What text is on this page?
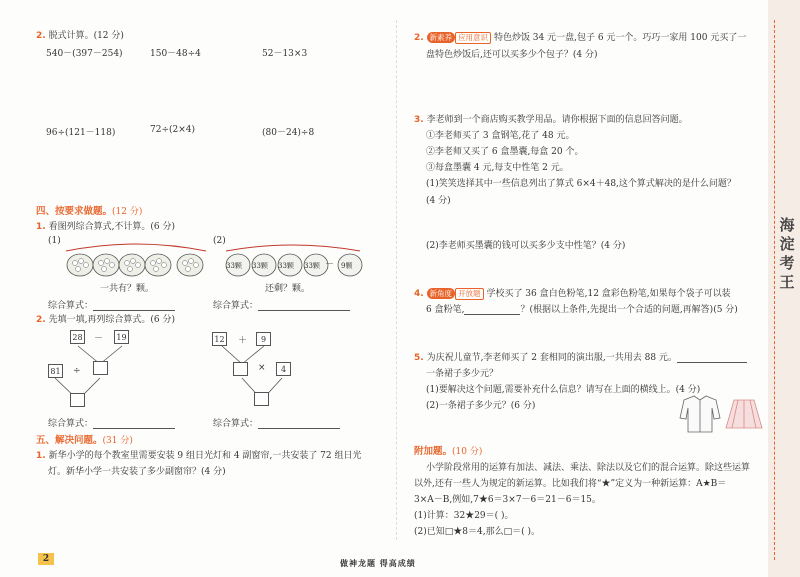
2. 脱式计算。(12 分)
540－(397－254)	150－48÷4	52－13×3
96÷(121－118)	72÷(2×4)	(80－24)÷8
四、按要求做题。(12 分)
1. 看图列综合算式,不计算。(6 分)
(1)	(2)
一共有？颗。
33颗 33颗 33颗 33颗 － 9颗
还剩？颗。
综合算式：	综合算式：
2. 先填一填,再列综合算式。(6 分)
28 －	19
81 ÷
12 ＋	9
×	4
综合算式：	综合算式：
五、解决问题。(31 分)
1. 新华小学的每个教室里需要安装 9 组日光灯和 4 副窗帘,一共安装了 72 组日光
灯。新华小学一共安装了多少副窗帘？(4 分)
2	做神龙题 得高成绩
2. 新素养 应用意识 特色炒饭 34 元一盘,包子 6 元一个。巧巧一家用 100 元买了一
盘特色炒饭后,还可以买多少个包子？(4 分)
3. 李老师到一个商店购买教学用品。请你根据下面的信息回答问题。
①李老师买了 3 盒钢笔,花了 48 元。
②李老师又买了 6 盒墨囊,每盒 20 个。
③每盒墨囊 4 元,每支中性笔 2 元。
(1)笑笑选择其中一些信息列出了算式 6×4＋48,这个算式解决的是什么问题？
(4 分)
(2)李老师买墨囊的钱可以买多少支中性笔？(4 分)
4. 新角度 开放题 学校买了 36 盒白色粉笔,12 盒彩色粉笔,如果每个袋子可以装
6 盒粉笔,	？(根据以上条件,先提出一个合适的问题,再解答)(5 分)
5. 为庆祝儿童节,李老师买了 2 套相同的演出服,一共用去 88 元。
一条裙子多少元？
(1)要解决这个问题,需要补充什么信息？请写在上面的横线上。(4 分)
(2)一条裙子多少元？(6 分)
附加题。(10 分)
小学阶段常用的运算有加法、减法、乘法、除法以及它们的混合运算。除这些运算
以外,还有一些人为规定的新运算。比如我们将“★”定义为一种新运算：A★B＝
3×A－B,例如,7★6＝3×7－6＝21－6＝15。
(1)计算：32★29＝( )。
(2)已知□★8＝4,那么□＝( )。
海淀考王
